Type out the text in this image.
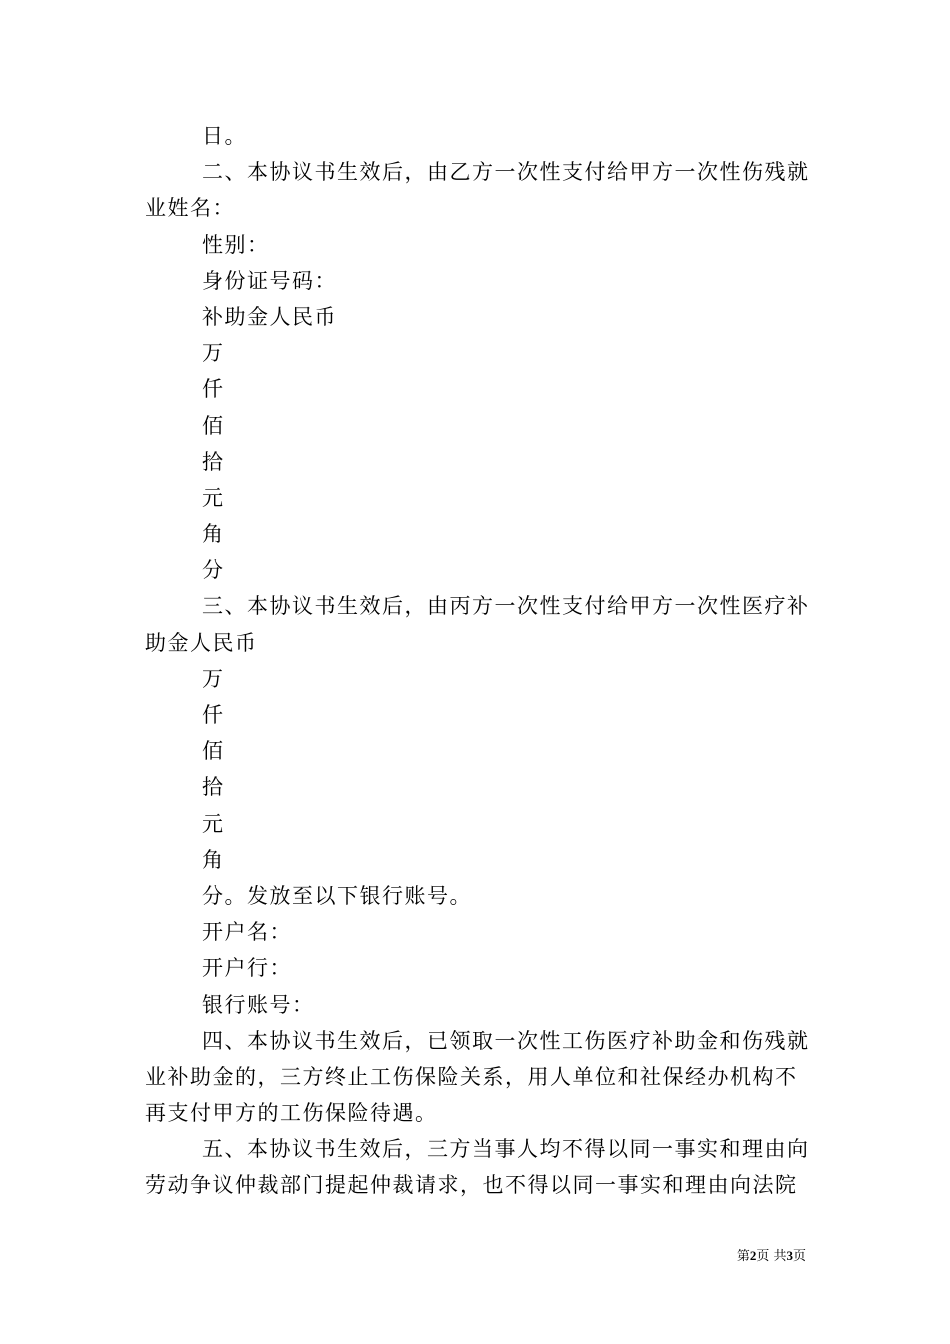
日。
二、本协议书生效后，由乙方一次性支付给甲方一次性伤残就
业姓名：
性别：
身份证号码：
补助金人民币
万
仟
佰
拾
元
角
分
三、本协议书生效后，由丙方一次性支付给甲方一次性医疗补
助金人民币
万
仟
佰
拾
元
角
分。发放至以下银行账号。
开户名：
开户行：
银行账号：
四、本协议书生效后，已领取一次性工伤医疗补助金和伤残就
业补助金的，三方终止工伤保险关系，用人单位和社保经办机构不
再支付甲方的工伤保险待遇。
五、本协议书生效后，三方当事人均不得以同一事实和理由向
劳动争议仲裁部门提起仲裁请求，也不得以同一事实和理由向法院
第2页 共3页
